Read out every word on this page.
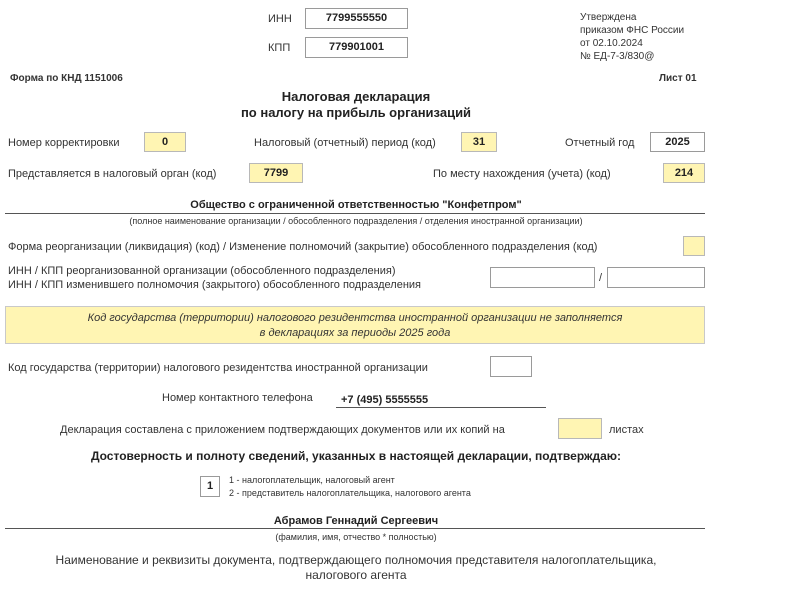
ИНН	7799555550
КПП	779901001
Утверждена
приказом ФНС России
от 02.10.2024
№ ЕД-7-3/830@
Форма по КНД 1151006	Лист 01
Налоговая декларация
по налогу на прибыль организаций
Номер корректировки	0	Налоговый (отчетный) период (код)	31	Отчетный год	2025
Представляется в налоговый орган (код)	7799	По месту нахождения (учета) (код)	214
Общество с ограниченной ответственностью "Конфетпром"
(полное наименование организации / обособленного подразделения / отделения иностранной организации)
Форма реорганизации (ликвидация) (код) / Изменение полномочий (закрытие) обособленного подразделения (код)
ИНН / КПП реорганизованной организации (обособленного подразделения)
ИНН / КПП изменившего полномочия (закрытого) обособленного подразделения
/
Код государства (территории) налогового резидентства иностранной организации не заполняется
в декларациях за периоды 2025 года
Код государства (территории) налогового резидентства иностранной организации
Номер контактного телефона	+7 (495) 5555555
Декларация составлена с приложением подтверждающих документов или их копий на	листах
Достоверность и полноту сведений, указанных в настоящей декларации, подтверждаю:
1	1 - налогоплательщик, налоговый агент
2 - представитель налогоплательщика, налогового агента
Абрамов Геннадий Сергеевич
(фамилия, имя, отчество * полностью)
Наименование и реквизиты документа, подтверждающего полномочия представителя налогоплательщика,
налогового агента
